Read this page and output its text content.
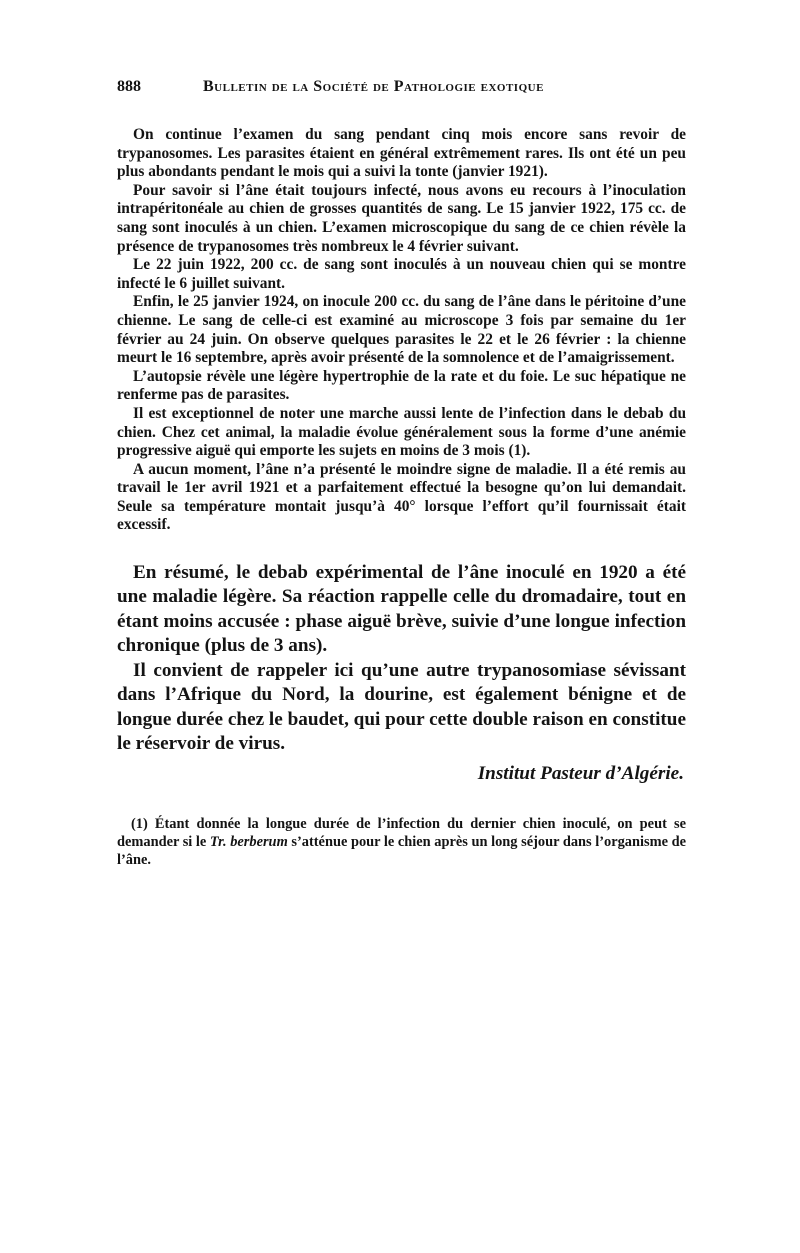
888	Bulletin de la Société de Pathologie exotique

On continue l’examen du sang pendant cinq mois encore sans revoir de trypanosomes. Les parasites étaient en général extrêmement rares. Ils ont été un peu plus abondants pendant le mois qui a suivi la tonte (janvier 1921).

Pour savoir si l’âne était toujours infecté, nous avons eu recours à l’inoculation intrapéritonéale au chien de grosses quantités de sang. Le 15 janvier 1922, 175 cc. de sang sont inoculés à un chien. L’examen microscopique du sang de ce chien révèle la présence de trypanosomes très nombreux le 4 février suivant.

Le 22 juin 1922, 200 cc. de sang sont inoculés à un nouveau chien qui se montre infecté le 6 juillet suivant.

Enfin, le 25 janvier 1924, on inocule 200 cc. du sang de l’âne dans le péritoine d’une chienne. Le sang de celle-ci est examiné au microscope 3 fois par semaine du 1er février au 24 juin. On observe quelques parasites le 22 et le 26 février : la chienne meurt le 16 septembre, après avoir présenté de la somnolence et de l’amaigrissement.

L’autopsie révèle une légère hypertrophie de la rate et du foie. Le suc hépatique ne renferme pas de parasites.

Il est exceptionnel de noter une marche aussi lente de l’infection dans le debab du chien. Chez cet animal, la maladie évolue généralement sous la forme d’une anémie progressive aiguë qui emporte les sujets en moins de 3 mois (1).

A aucun moment, l’âne n’a présenté le moindre signe de maladie. Il a été remis au travail le 1er avril 1921 et a parfaitement effectué la besogne qu’on lui demandait. Seule sa température montait jusqu’à 40° lorsque l’effort qu’il fournissait était excessif.

En résumé, le debab expérimental de l’âne inoculé en 1920 a été une maladie légère. Sa réaction rappelle celle du dromadaire, tout en étant moins accusée : phase aiguë brève, suivie d’une longue infection chronique (plus de 3 ans).

Il convient de rappeler ici qu’une autre trypanosomiase sévissant dans l’Afrique du Nord, la dourine, est également bénigne et de longue durée chez le baudet, qui pour cette double raison en constitue le réservoir de virus.

Institut Pasteur d’Algérie.

(1) Étant donnée la longue durée de l’infection du dernier chien inoculé, on peut se demander si le Tr. berberum s’atténue pour le chien après un long séjour dans l’organisme de l’âne.
